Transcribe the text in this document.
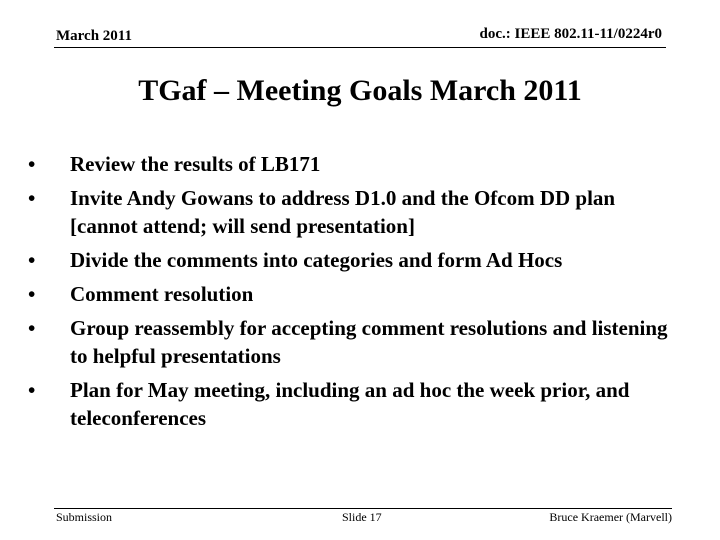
March 2011	doc.: IEEE 802.11-11/0224r0
TGaf – Meeting Goals March 2011
•	Review the results of LB171
•	Invite Andy Gowans to address D1.0 and the Ofcom DD plan [cannot attend; will send presentation]
•	Divide the comments into categories and form Ad Hocs
•	Comment resolution
•	Group reassembly for accepting comment resolutions and listening to helpful presentations
•	Plan for May meeting, including an ad hoc the week prior, and teleconferences
Submission	Slide 17	Bruce Kraemer (Marvell)
